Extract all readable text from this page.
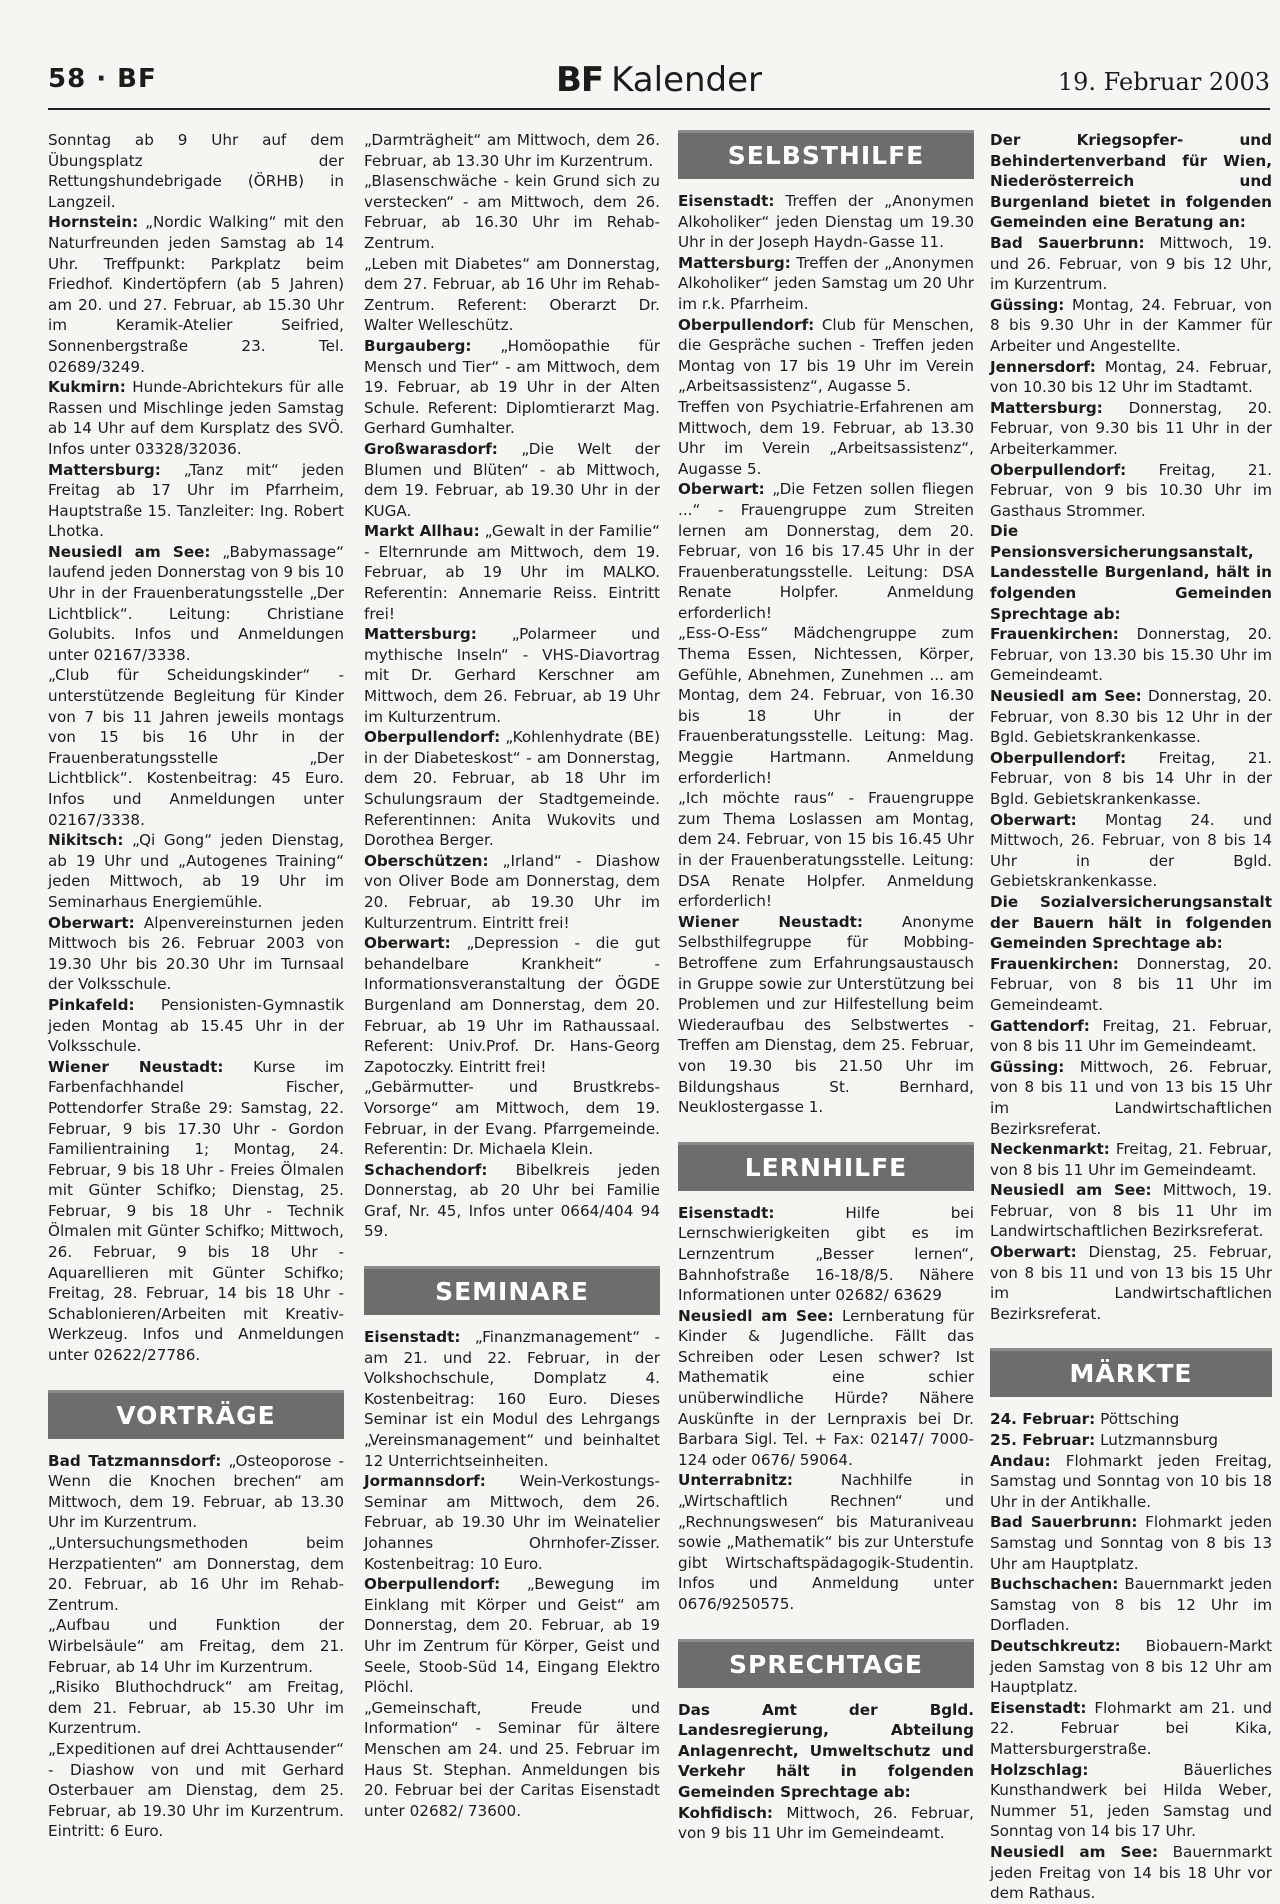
58 · BF	BF Kalender	19. Februar 2003

Sonntag ab 9 Uhr auf dem Übungsplatz der Rettungshundebrigade (ÖRHB) in Langzeil.

Hornstein: „Nordic Walking“ mit den Naturfreunden jeden Samstag ab 14 Uhr. Treffpunkt: Parkplatz beim Friedhof. Kindertöpfern (ab 5 Jahren) am 20. und 27. Februar, ab 15.30 Uhr im Keramik-Atelier Seifried, Sonnenbergstraße 23. Tel. 02689/3249.

Kukmirn: Hunde-Abrichtekurs für alle Rassen und Mischlinge jeden Samstag ab 14 Uhr auf dem Kursplatz des SVÖ. Infos unter 03328/32036.

Mattersburg: „Tanz mit“ jeden Freitag ab 17 Uhr im Pfarrheim, Hauptstraße 15. Tanzleiter: Ing. Robert Lhotka.

Neusiedl am See: „Babymassage“ laufend jeden Donnerstag von 9 bis 10 Uhr in der Frauenberatungsstelle „Der Lichtblick“. Leitung: Christiane Golubits. Infos und Anmeldungen unter 02167/3338.

„Club für Scheidungskinder“ - unterstützende Begleitung für Kinder von 7 bis 11 Jahren jeweils montags von 15 bis 16 Uhr in der Frauenberatungsstelle „Der Lichtblick“. Kostenbeitrag: 45 Euro. Infos und Anmeldungen unter 02167/3338.

Nikitsch: „Qi Gong“ jeden Dienstag, ab 19 Uhr und „Autogenes Training“ jeden Mittwoch, ab 19 Uhr im Seminarhaus Energiemühle.

Oberwart: Alpenvereinsturnen jeden Mittwoch bis 26. Februar 2003 von 19.30 Uhr bis 20.30 Uhr im Turnsaal der Volksschule.

Pinkafeld: Pensionisten-Gymnastik jeden Montag ab 15.45 Uhr in der Volksschule.

Wiener Neustadt: Kurse im Farbenfachhandel Fischer, Pottendorfer Straße 29: Samstag, 22. Februar, 9 bis 17.30 Uhr - Gordon Familientraining 1; Montag, 24. Februar, 9 bis 18 Uhr - Freies Ölmalen mit Günter Schifko; Dienstag, 25. Februar, 9 bis 18 Uhr - Technik Ölmalen mit Günter Schifko; Mittwoch, 26. Februar, 9 bis 18 Uhr - Aquarellieren mit Günter Schifko; Freitag, 28. Februar, 14 bis 18 Uhr - Schablonieren/Arbeiten mit Kreativ-Werkzeug. Infos und Anmeldungen unter 02622/27786.

VORTRÄGE

Bad Tatzmannsdorf: „Osteoporose - Wenn die Knochen brechen“ am Mittwoch, dem 19. Februar, ab 13.30 Uhr im Kurzentrum.

„Untersuchungsmethoden beim Herzpatienten“ am Donnerstag, dem 20. Februar, ab 16 Uhr im Rehab-Zentrum.

„Aufbau und Funktion der Wirbelsäule“ am Freitag, dem 21. Februar, ab 14 Uhr im Kurzentrum.

„Risiko Bluthochdruck“ am Freitag, dem 21. Februar, ab 15.30 Uhr im Kurzentrum.

„Expeditionen auf drei Achttausender“ - Diashow von und mit Gerhard Osterbauer am Dienstag, dem 25. Februar, ab 19.30 Uhr im Kurzentrum. Eintritt: 6 Euro.

„Darmträgheit“ am Mittwoch, dem 26. Februar, ab 13.30 Uhr im Kurzentrum.

„Blasenschwäche - kein Grund sich zu verstecken“ - am Mittwoch, dem 26. Februar, ab 16.30 Uhr im Rehab-Zentrum.

„Leben mit Diabetes“ am Donnerstag, dem 27. Februar, ab 16 Uhr im Rehab-Zentrum. Referent: Oberarzt Dr. Walter Welleschütz.

Burgauberg: „Homöopathie für Mensch und Tier“ - am Mittwoch, dem 19. Februar, ab 19 Uhr in der Alten Schule. Referent: Diplomtierarzt Mag. Gerhard Gumhalter.

Großwarasdorf: „Die Welt der Blumen und Blüten“ - ab Mittwoch, dem 19. Februar, ab 19.30 Uhr in der KUGA.

Markt Allhau: „Gewalt in der Familie“ - Elternrunde am Mittwoch, dem 19. Februar, ab 19 Uhr im MALKO. Referentin: Annemarie Reiss. Eintritt frei!

Mattersburg: „Polarmeer und mythische Inseln“ - VHS-Diavortrag mit Dr. Gerhard Kerschner am Mittwoch, dem 26. Februar, ab 19 Uhr im Kulturzentrum.

Oberpullendorf: „Kohlenhydrate (BE) in der Diabeteskost“ - am Donnerstag, dem 20. Februar, ab 18 Uhr im Schulungsraum der Stadtgemeinde. Referentinnen: Anita Wukovits und Dorothea Berger.

Oberschützen: „Irland“ - Diashow von Oliver Bode am Donnerstag, dem 20. Februar, ab 19.30 Uhr im Kulturzentrum. Eintritt frei!

Oberwart: „Depression - die gut behandelbare Krankheit“ - Informationsveranstaltung der ÖGDE Burgenland am Donnerstag, dem 20. Februar, ab 19 Uhr im Rathaussaal. Referent: Univ.Prof. Dr. Hans-Georg Zapotoczky. Eintritt frei!

„Gebärmutter- und Brustkrebs-Vorsorge“ am Mittwoch, dem 19. Februar, in der Evang. Pfarrgemeinde. Referentin: Dr. Michaela Klein.

Schachendorf: Bibelkreis jeden Donnerstag, ab 20 Uhr bei Familie Graf, Nr. 45, Infos unter 0664/404 94 59.

SEMINARE

Eisenstadt: „Finanzmanagement“ - am 21. und 22. Februar, in der Volkshochschule, Domplatz 4. Kostenbeitrag: 160 Euro. Dieses Seminar ist ein Modul des Lehrgangs „Vereinsmanagement“ und beinhaltet 12 Unterrichtseinheiten.

Jormannsdorf: Wein-Verkostungs-Seminar am Mittwoch, dem 26. Februar, ab 19.30 Uhr im Weinatelier Johannes Ohrnhofer-Zisser. Kostenbeitrag: 10 Euro.

Oberpullendorf: „Bewegung im Einklang mit Körper und Geist“ am Donnerstag, dem 20. Februar, ab 19 Uhr im Zentrum für Körper, Geist und Seele, Stoob-Süd 14, Eingang Elektro Plöchl.

„Gemeinschaft, Freude und Information“ - Seminar für ältere Menschen am 24. und 25. Februar im Haus St. Stephan. Anmeldungen bis 20. Februar bei der Caritas Eisenstadt unter 02682/ 73600.

SELBSTHILFE

Eisenstadt: Treffen der „Anonymen Alkoholiker“ jeden Dienstag um 19.30 Uhr in der Joseph Haydn-Gasse 11.

Mattersburg: Treffen der „Anonymen Alkoholiker“ jeden Samstag um 20 Uhr im r.k. Pfarrheim.

Oberpullendorf: Club für Menschen, die Gespräche suchen - Treffen jeden Montag von 17 bis 19 Uhr im Verein „Arbeitsassistenz“, Augasse 5.

Treffen von Psychiatrie-Erfahrenen am Mittwoch, dem 19. Februar, ab 13.30 Uhr im Verein „Arbeitsassistenz“, Augasse 5.

Oberwart: „Die Fetzen sollen fliegen ...“ - Frauengruppe zum Streiten lernen am Donnerstag, dem 20. Februar, von 16 bis 17.45 Uhr in der Frauenberatungsstelle. Leitung: DSA Renate Holpfer. Anmeldung erforderlich!

„Ess-O-Ess“ Mädchengruppe zum Thema Essen, Nichtessen, Körper, Gefühle, Abnehmen, Zunehmen ... am Montag, dem 24. Februar, von 16.30 bis 18 Uhr in der Frauenberatungsstelle. Leitung: Mag. Meggie Hartmann. Anmeldung erforderlich!

„Ich möchte raus“ - Frauengruppe zum Thema Loslassen am Montag, dem 24. Februar, von 15 bis 16.45 Uhr in der Frauenberatungsstelle. Leitung: DSA Renate Holpfer. Anmeldung erforderlich!

Wiener Neustadt: Anonyme Selbsthilfegruppe für Mobbing-Betroffene zum Erfahrungsaustausch in Gruppe sowie zur Unterstützung bei Problemen und zur Hilfestellung beim Wiederaufbau des Selbstwertes - Treffen am Dienstag, dem 25. Februar, von 19.30 bis 21.50 Uhr im Bildungshaus St. Bernhard, Neuklostergasse 1.

LERNHILFE

Eisenstadt: Hilfe bei Lernschwierigkeiten gibt es im Lernzentrum „Besser lernen“, Bahnhofstraße 16-18/8/5. Nähere Informationen unter 02682/ 63629

Neusiedl am See: Lernberatung für Kinder & Jugendliche. Fällt das Schreiben oder Lesen schwer? Ist Mathematik eine schier unüberwindliche Hürde? Nähere Auskünfte in der Lernpraxis bei Dr. Barbara Sigl. Tel. + Fax: 02147/ 7000-124 oder 0676/ 59064.

Unterrabnitz: Nachhilfe in „Wirtschaftlich Rechnen“ und „Rechnungswesen“ bis Maturaniveau sowie „Mathematik“ bis zur Unterstufe gibt Wirtschaftspädagogik-Studentin. Infos und Anmeldung unter 0676/9250575.

SPRECHTAGE

Das Amt der Bgld. Landesregierung, Abteilung Anlagenrecht, Umweltschutz und Verkehr hält in folgenden Gemeinden Sprechtage ab:

Kohfidisch: Mittwoch, 26. Februar, von 9 bis 11 Uhr im Gemeindeamt.

Der Kriegsopfer- und Behindertenverband für Wien, Niederösterreich und Burgenland bietet in folgenden Gemeinden eine Beratung an:

Bad Sauerbrunn: Mittwoch, 19. und 26. Februar, von 9 bis 12 Uhr, im Kurzentrum.

Güssing: Montag, 24. Februar, von 8 bis 9.30 Uhr in der Kammer für Arbeiter und Angestellte.

Jennersdorf: Montag, 24. Februar, von 10.30 bis 12 Uhr im Stadtamt.

Mattersburg: Donnerstag, 20. Februar, von 9.30 bis 11 Uhr in der Arbeiterkammer.

Oberpullendorf: Freitag, 21. Februar, von 9 bis 10.30 Uhr im Gasthaus Strommer.

Die Pensionsversicherungsanstalt, Landesstelle Burgenland, hält in folgenden Gemeinden Sprechtage ab:

Frauenkirchen: Donnerstag, 20. Februar, von 13.30 bis 15.30 Uhr im Gemeindeamt.

Neusiedl am See: Donnerstag, 20. Februar, von 8.30 bis 12 Uhr in der Bgld. Gebietskrankenkasse.

Oberpullendorf: Freitag, 21. Februar, von 8 bis 14 Uhr in der Bgld. Gebietskrankenkasse.

Oberwart: Montag 24. und Mittwoch, 26. Februar, von 8 bis 14 Uhr in der Bgld. Gebietskrankenkasse.

Die Sozialversicherungsanstalt der Bauern hält in folgenden Gemeinden Sprechtage ab:

Frauenkirchen: Donnerstag, 20. Februar, von 8 bis 11 Uhr im Gemeindeamt.

Gattendorf: Freitag, 21. Februar, von 8 bis 11 Uhr im Gemeindeamt.

Güssing: Mittwoch, 26. Februar, von 8 bis 11 und von 13 bis 15 Uhr im Landwirtschaftlichen Bezirksreferat.

Neckenmarkt: Freitag, 21. Februar, von 8 bis 11 Uhr im Gemeindeamt.

Neusiedl am See: Mittwoch, 19. Februar, von 8 bis 11 Uhr im Landwirtschaftlichen Bezirksreferat.

Oberwart: Dienstag, 25. Februar, von 8 bis 11 und von 13 bis 15 Uhr im Landwirtschaftlichen Bezirksreferat.

MÄRKTE

24. Februar: Pöttsching

25. Februar: Lutzmannsburg

Andau: Flohmarkt jeden Freitag, Samstag und Sonntag von 10 bis 18 Uhr in der Antikhalle.

Bad Sauerbrunn: Flohmarkt jeden Samstag und Sonntag von 8 bis 13 Uhr am Hauptplatz.

Buchschachen: Bauernmarkt jeden Samstag von 8 bis 12 Uhr im Dorfladen.

Deutschkreutz: Biobauern-Markt jeden Samstag von 8 bis 12 Uhr am Hauptplatz.

Eisenstadt: Flohmarkt am 21. und 22. Februar bei Kika, Mattersburgerstraße.

Holzschlag: Bäuerliches Kunsthandwerk bei Hilda Weber, Nummer 51, jeden Samstag und Sonntag von 14 bis 17 Uhr.

Neusiedl am See: Bauernmarkt jeden Freitag von 14 bis 18 Uhr vor dem Rathaus.
